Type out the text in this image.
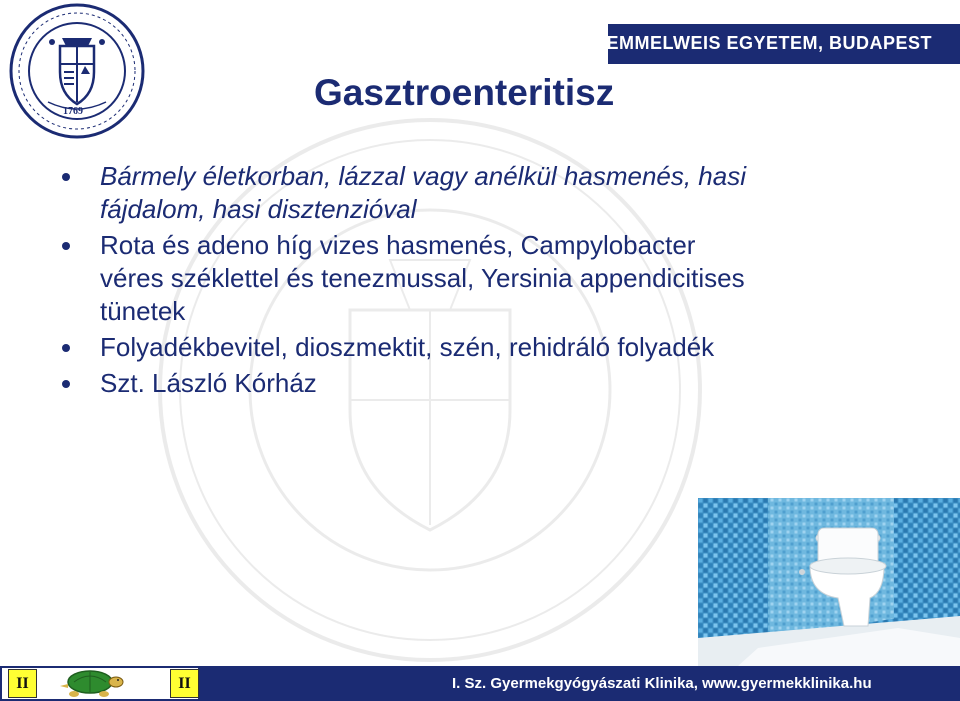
SEMMELWEIS EGYETEM, BUDAPEST
1769	Gasztroenteritisz
Bármely életkorban, lázzal vagy anélkül hasmenés, hasi
fájdalom, hasi disztenzióval
Rota és adeno híg vizes hasmenés, Campylobacter
véres széklettel és tenezmussal, Yersinia appendicitises
tünetek
Folyadékbevitel, dioszmektit, szén, rehidráló folyadék
Szt. László Kórház
II	II	I. Sz. Gyermekgyógyászati Klinika, www.gyermekklinika.hu
